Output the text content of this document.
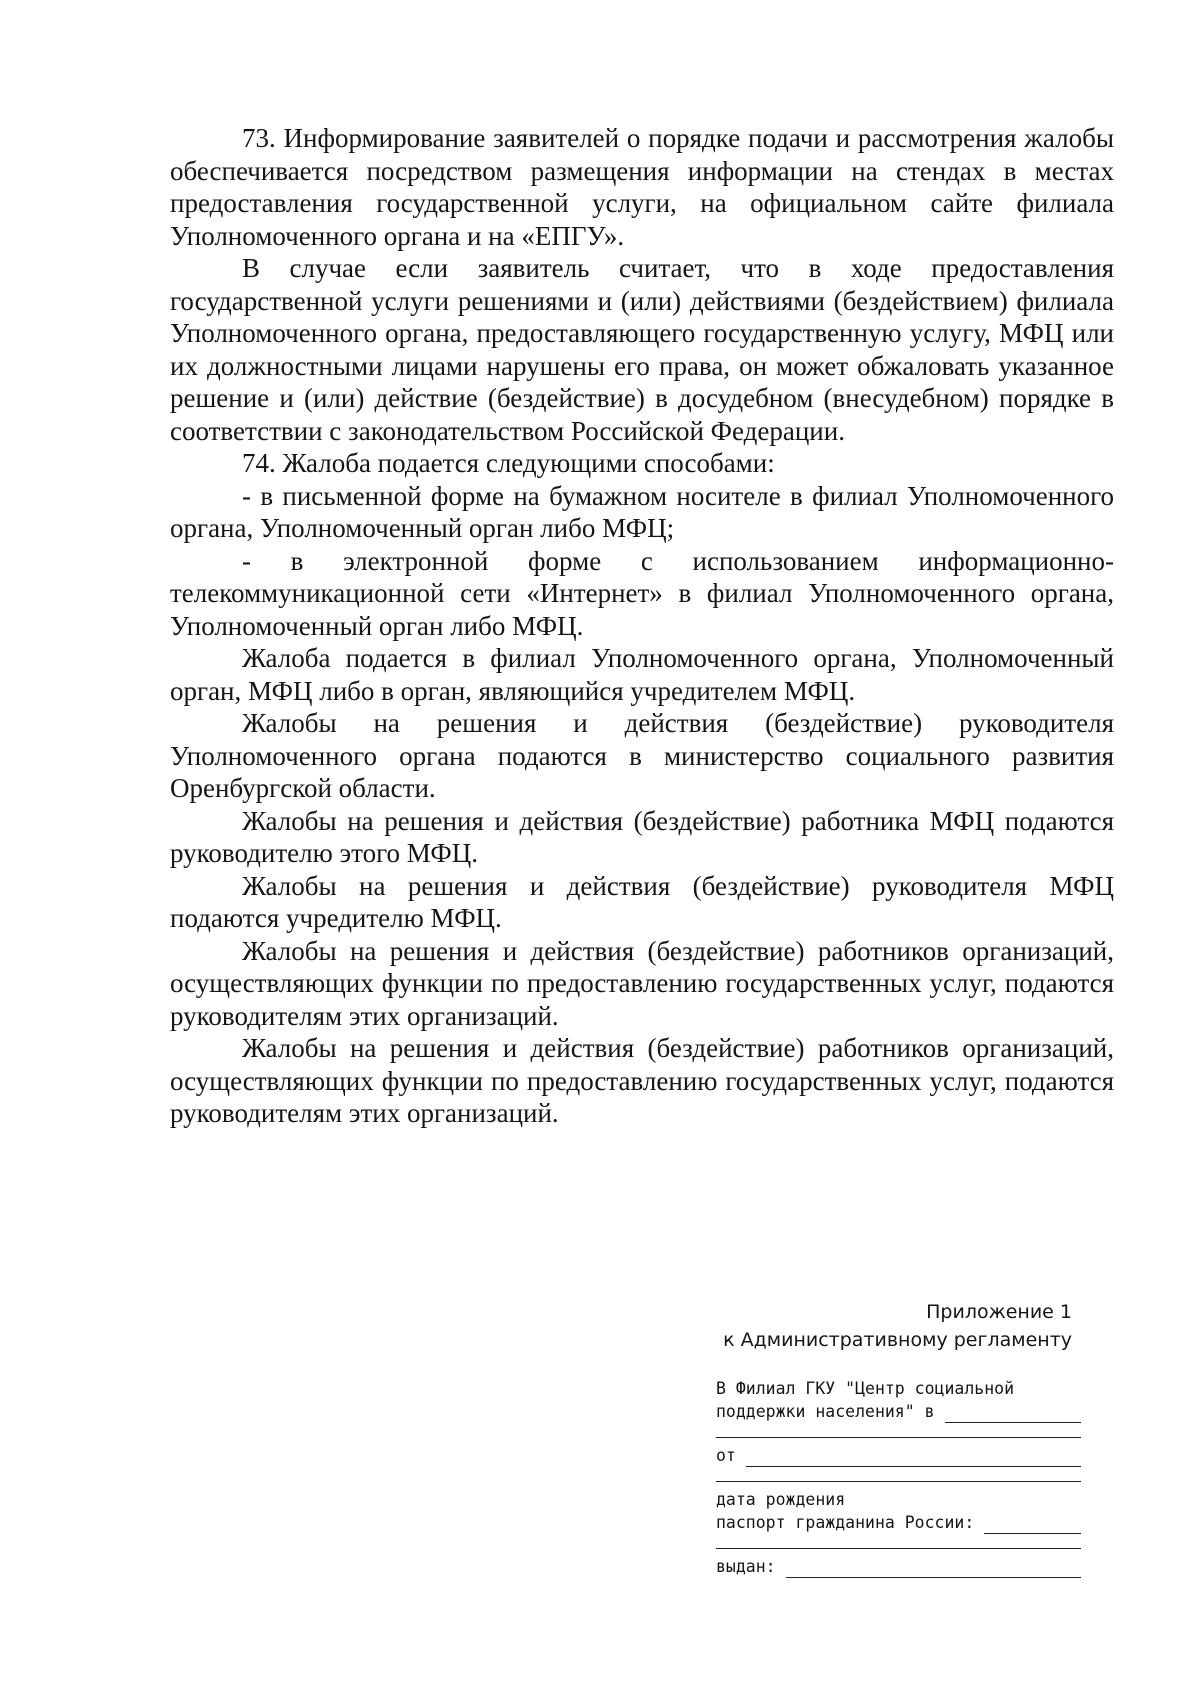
73. Информирование заявителей о порядке подачи и рассмотрения жалобы обеспечивается посредством размещения информации на стендах в местах предоставления государственной услуги, на официальном сайте филиала Уполномоченного органа и на «ЕПГУ».

В случае если заявитель считает, что в ходе предоставления государственной услуги решениями и (или) действиями (бездействием) филиала Уполномоченного органа, предоставляющего государственную услугу, МФЦ или их должностными лицами нарушены его права, он может обжаловать указанное решение и (или) действие (бездействие) в досудебном (внесудебном) порядке в соответствии с законодательством Российской Федерации.

74. Жалоба подается следующими способами:

- в письменной форме на бумажном носителе в филиал Уполномоченного органа, Уполномоченный орган либо МФЦ;

- в электронной форме с использованием информационно-телекоммуникационной сети «Интернет» в филиал Уполномоченного органа, Уполномоченный орган либо МФЦ.

Жалоба подается в филиал Уполномоченного органа, Уполномоченный орган, МФЦ либо в орган, являющийся учредителем МФЦ.

Жалобы на решения и действия (бездействие) руководителя Уполномоченного органа подаются в министерство социального развития Оренбургской области.

Жалобы на решения и действия (бездействие) работника МФЦ подаются руководителю этого МФЦ.

Жалобы на решения и действия (бездействие) руководителя МФЦ подаются учредителю МФЦ.

Жалобы на решения и действия (бездействие) работников организаций, осуществляющих функции по предоставлению государственных услуг, подаются руководителям этих организаций.

Жалобы на решения и действия (бездействие) работников организаций, осуществляющих функции по предоставлению государственных услуг, подаются руководителям этих организаций.

Приложение 1
к Административному регламенту
В Филиал ГКУ "Центр социальной
поддержки населения" в
от
дата рождения
паспорт гражданина России:
выдан:
